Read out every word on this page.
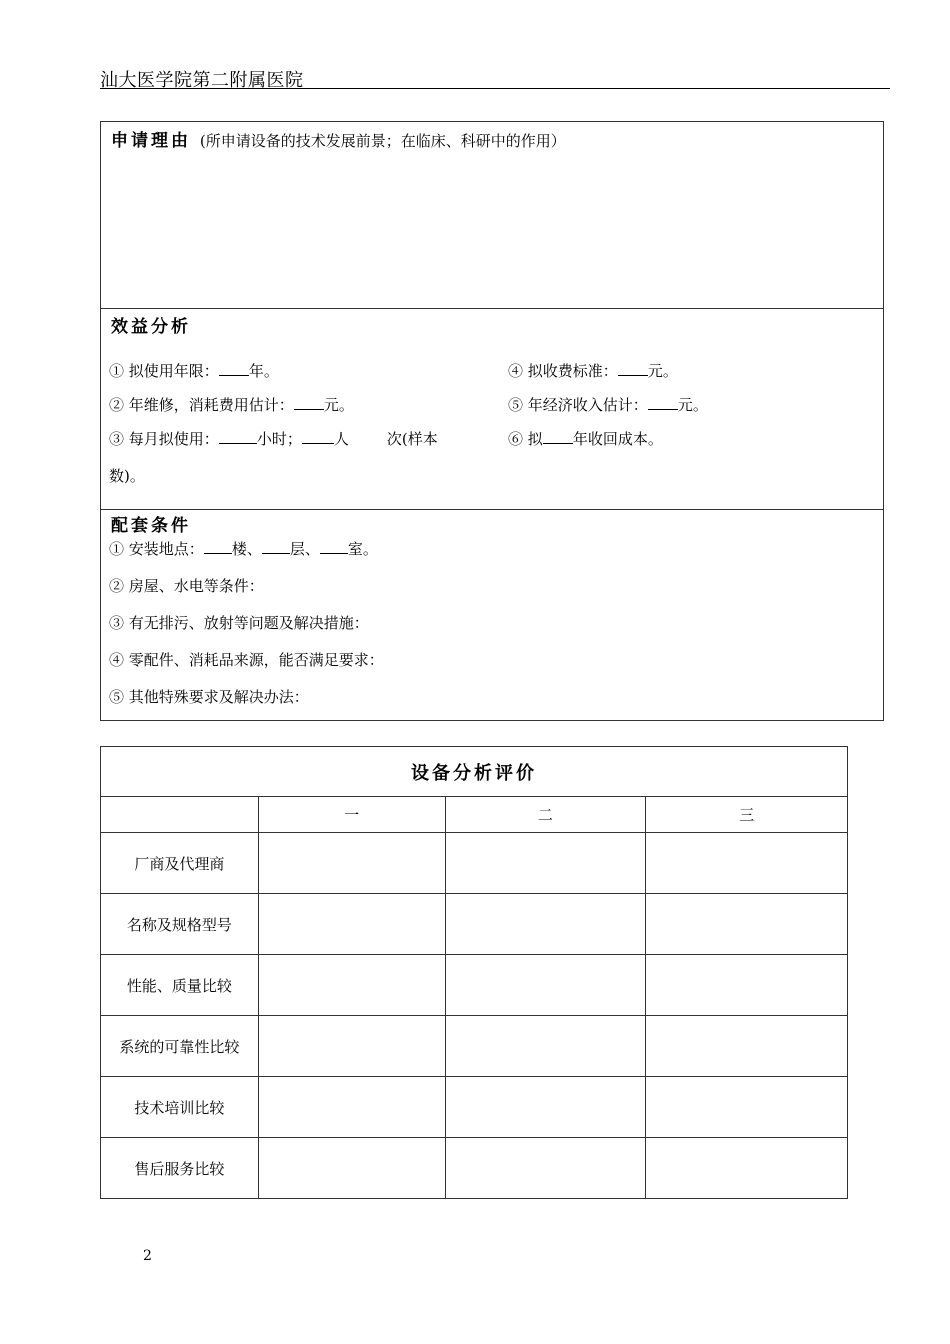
汕大医学院第二附属医院
申请理由 (所申请设备的技术发展前景；在临床、科研中的作用）
效益分析
① 拟使用年限： 年。
② 年维修，消耗费用估计： 元。
③ 每月拟使用：	小时； 人	次(样本
数)。
④ 拟收费标准： 元。
⑤ 年经济收入估计： 元。
⑥ 拟 年收回成本。
配套条件
① 安装地点： 楼、 层、 室。
② 房屋、水电等条件：
③ 有无排污、放射等问题及解决措施：
④ 零配件、消耗品来源，能否满足要求：
⑤ 其他特殊要求及解决办法：
设备分析评价			
	一	二	三
厂商及代理商			
名称及规格型号			
性能、质量比较			
系统的可靠性比较			
技术培训比较			
售后服务比较			
2
